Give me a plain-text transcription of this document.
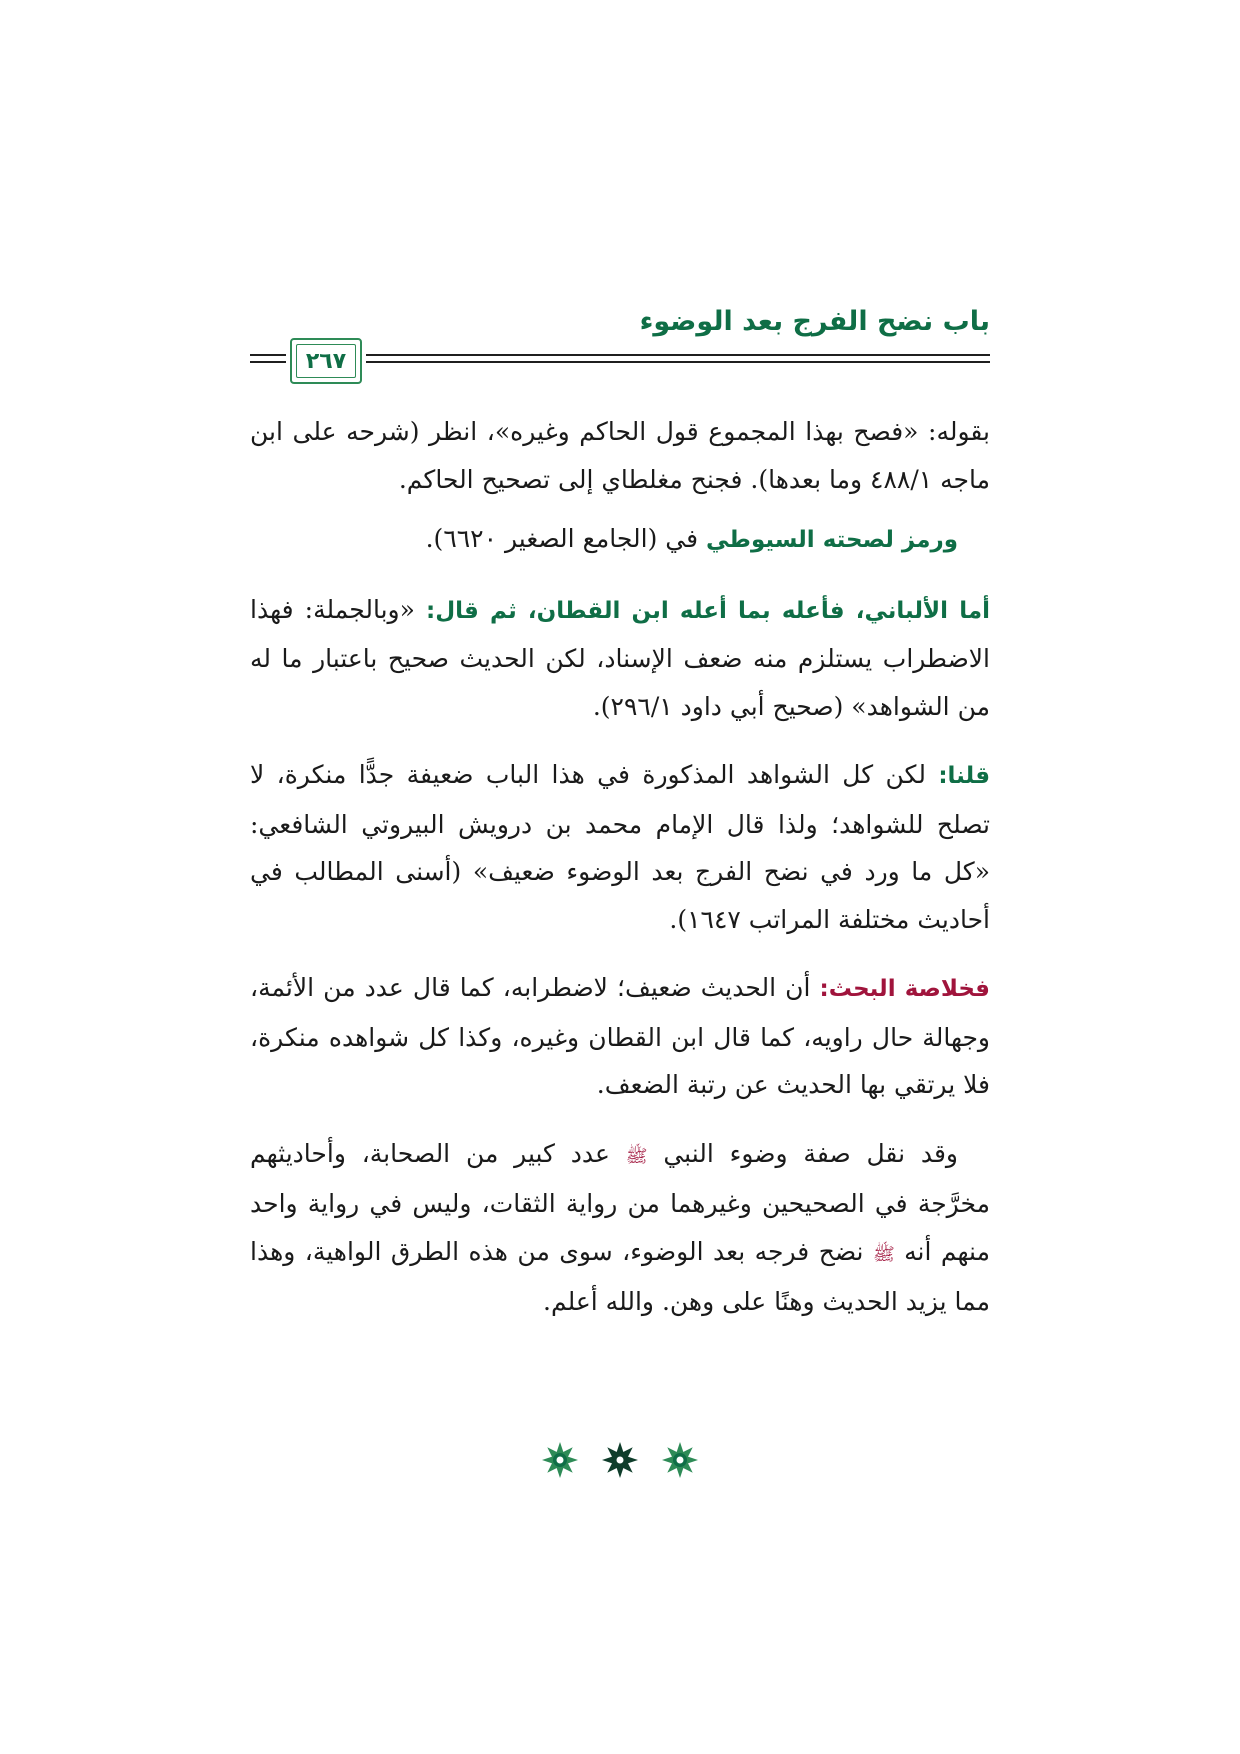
باب نضح الفرج بعد الوضوء
٢٦٧

بقوله: «فصح بهذا المجموع قول الحاكم وغيره»، انظر (شرحه على ابن ماجه ٤٨٨/١ وما بعدها). فجنح مغلطاي إلى تصحيح الحاكم.

ورمز لصحته السيوطي في (الجامع الصغير ٦٦٢٠).

أما الألباني، فأعله بما أعله ابن القطان، ثم قال: «وبالجملة: فهذا الاضطراب يستلزم منه ضعف الإسناد، لكن الحديث صحيح باعتبار ما له من الشواهد» (صحيح أبي داود ٢٩٦/١).

قلنا: لكن كل الشواهد المذكورة في هذا الباب ضعيفة جدًّا منكرة، لا تصلح للشواهد؛ ولذا قال الإمام محمد بن درويش البيروتي الشافعي: «كل ما ورد في نضح الفرج بعد الوضوء ضعيف» (أسنى المطالب في أحاديث مختلفة المراتب ١٦٤٧).

فخلاصة البحث: أن الحديث ضعيف؛ لاضطرابه، كما قال عدد من الأئمة، وجهالة حال راويه، كما قال ابن القطان وغيره، وكذا كل شواهده منكرة، فلا يرتقي بها الحديث عن رتبة الضعف.

وقد نقل صفة وضوء النبي ﷺ عدد كبير من الصحابة، وأحاديثهم مخرَّجة في الصحيحين وغيرهما من رواية الثقات، وليس في رواية واحد منهم أنه ﷺ نضح فرجه بعد الوضوء، سوى من هذه الطرق الواهية، وهذا مما يزيد الحديث وهنًا على وهن. والله أعلم.
